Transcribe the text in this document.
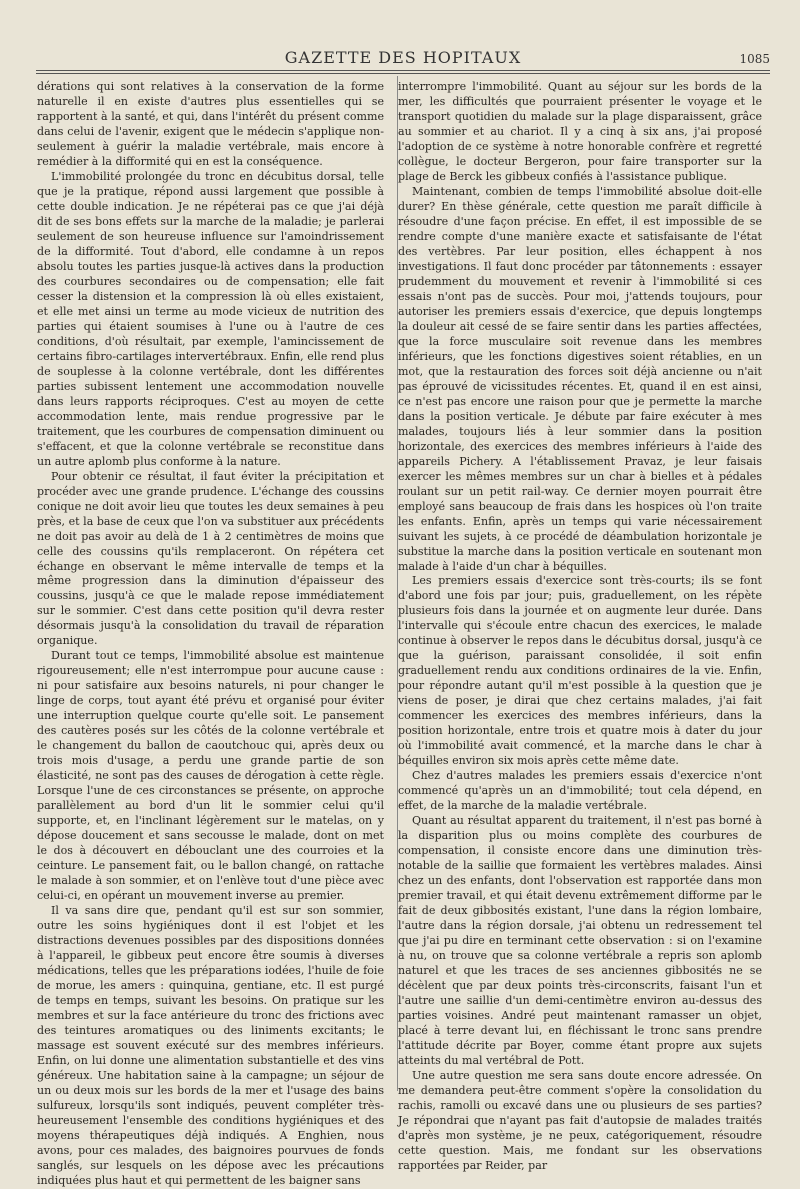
GAZETTE DES HOPITAUX	1085

dérations qui sont relatives à la conservation de la forme naturelle il en existe d'autres plus essentielles qui se rapportent à la santé, et qui, dans l'intérêt du présent comme dans celui de l'avenir, exigent que le médecin s'applique non-seulement à guérir la maladie vertébrale, mais encore à remédier à la difformité qui en est la conséquence.

L'immobilité prolongée du tronc en décubitus dorsal, telle que je la pratique, répond aussi largement que possible à cette double indication. Je ne répéterai pas ce que j'ai déjà dit de ses bons effets sur la marche de la maladie; je parlerai seulement de son heureuse influence sur l'amoindrissement de la difformité. Tout d'abord, elle condamne à un repos absolu toutes les parties jusque-là actives dans la production des courbures secondaires ou de compensation; elle fait cesser la distension et la compression là où elles existaient, et elle met ainsi un terme au mode vicieux de nutrition des parties qui étaient soumises à l'une ou à l'autre de ces conditions, d'où résultait, par exemple, l'amincissement de certains fibro-cartilages intervertébraux. Enfin, elle rend plus de souplesse à la colonne vertébrale, dont les différentes parties subissent lentement une accommodation nouvelle dans leurs rapports réciproques. C'est au moyen de cette accommodation lente, mais rendue progressive par le traitement, que les courbures de compensation diminuent ou s'effacent, et que la colonne vertébrale se reconstitue dans un autre aplomb plus conforme à la nature.

Pour obtenir ce résultat, il faut éviter la précipitation et procéder avec une grande prudence. L'échange des coussins conique ne doit avoir lieu que toutes les deux semaines à peu près, et la base de ceux que l'on va substituer aux précédents ne doit pas avoir au delà de 1 à 2 centimètres de moins que celle des coussins qu'ils remplaceront. On répétera cet échange en observant le même intervalle de temps et la même progression dans la diminution d'épaisseur des coussins, jusqu'à ce que le malade repose immédiatement sur le sommier. C'est dans cette position qu'il devra rester désormais jusqu'à la consolidation du travail de réparation organique.

Durant tout ce temps, l'immobilité absolue est maintenue rigoureusement; elle n'est interrompue pour aucune cause : ni pour satisfaire aux besoins naturels, ni pour changer le linge de corps, tout ayant été prévu et organisé pour éviter une interruption quelque courte qu'elle soit. Le pansement des cautères posés sur les côtés de la colonne vertébrale et le changement du ballon de caoutchouc qui, après deux ou trois mois d'usage, a perdu une grande partie de son élasticité, ne sont pas des causes de dérogation à cette règle. Lorsque l'une de ces circonstances se présente, on approche parallèlement au bord d'un lit le sommier celui qu'il supporte, et, en l'inclinant légèrement sur le matelas, on y dépose doucement et sans secousse le malade, dont on met le dos à découvert en débouclant une des courroies et la ceinture. Le pansement fait, ou le ballon changé, on rattache le malade à son sommier, et on l'enlève tout d'une pièce avec celui-ci, en opérant un mouvement inverse au premier.

Il va sans dire que, pendant qu'il est sur son sommier, outre les soins hygiéniques dont il est l'objet et les distractions devenues possibles par des dispositions données à l'appareil, le gibbeux peut encore être soumis à diverses médications, telles que les préparations iodées, l'huile de foie de morue, les amers : quinquina, gentiane, etc. Il est purgé de temps en temps, suivant les besoins. On pratique sur les membres et sur la face antérieure du tronc des frictions avec des teintures aromatiques ou des liniments excitants; le massage est souvent exécuté sur des membres inférieurs. Enfin, on lui donne une alimentation substantielle et des vins généreux. Une habitation saine à la campagne; un séjour de un ou deux mois sur les bords de la mer et l'usage des bains sulfureux, lorsqu'ils sont indiqués, peuvent compléter très-heureusement l'ensemble des conditions hygiéniques et des moyens thérapeutiques déjà indiqués. A Enghien, nous avons, pour ces malades, des baignoires pourvues de fonds sanglés, sur lesquels on les dépose avec les précautions indiquées plus haut et qui permettent de les baigner sans

interrompre l'immobilité. Quant au séjour sur les bords de la mer, les difficultés que pourraient présenter le voyage et le transport quotidien du malade sur la plage disparaissent, grâce au sommier et au chariot. Il y a cinq à six ans, j'ai proposé l'adoption de ce système à notre honorable confrère et regretté collègue, le docteur Bergeron, pour faire transporter sur la plage de Berck les gibbeux confiés à l'assistance publique.

Maintenant, combien de temps l'immobilité absolue doit-elle durer? En thèse générale, cette question me paraît difficile à résoudre d'une façon précise. En effet, il est impossible de se rendre compte d'une manière exacte et satisfaisante de l'état des vertèbres. Par leur position, elles échappent à nos investigations. Il faut donc procéder par tâtonnements : essayer prudemment du mouvement et revenir à l'immobilité si ces essais n'ont pas de succès. Pour moi, j'attends toujours, pour autoriser les premiers essais d'exercice, que depuis longtemps la douleur ait cessé de se faire sentir dans les parties affectées, que la force musculaire soit revenue dans les membres inférieurs, que les fonctions digestives soient rétablies, en un mot, que la restauration des forces soit déjà ancienne ou n'ait pas éprouvé de vicissitudes récentes. Et, quand il en est ainsi, ce n'est pas encore une raison pour que je permette la marche dans la position verticale. Je débute par faire exécuter à mes malades, toujours liés à leur sommier dans la position horizontale, des exercices des membres inférieurs à l'aide des appareils Pichery. A l'établissement Pravaz, je leur faisais exercer les mêmes membres sur un char à bielles et à pédales roulant sur un petit rail-way. Ce dernier moyen pourrait être employé sans beaucoup de frais dans les hospices où l'on traite les enfants. Enfin, après un temps qui varie nécessairement suivant les sujets, à ce procédé de déambulation horizontale je substitue la marche dans la position verticale en soutenant mon malade à l'aide d'un char à béquilles.

Les premiers essais d'exercice sont très-courts; ils se font d'abord une fois par jour; puis, graduellement, on les répète plusieurs fois dans la journée et on augmente leur durée. Dans l'intervalle qui s'écoule entre chacun des exercices, le malade continue à observer le repos dans le décubitus dorsal, jusqu'à ce que la guérison, paraissant consolidée, il soit enfin graduellement rendu aux conditions ordinaires de la vie. Enfin, pour répondre autant qu'il m'est possible à la question que je viens de poser, je dirai que chez certains malades, j'ai fait commencer les exercices des membres inférieurs, dans la position horizontale, entre trois et quatre mois à dater du jour où l'immobilité avait commencé, et la marche dans le char à béquilles environ six mois après cette même date.

Chez d'autres malades les premiers essais d'exercice n'ont commencé qu'après un an d'immobilité; tout cela dépend, en effet, de la marche de la maladie vertébrale.

Quant au résultat apparent du traitement, il n'est pas borné à la disparition plus ou moins complète des courbures de compensation, il consiste encore dans une diminution très-notable de la saillie que formaient les vertèbres malades. Ainsi chez un des enfants, dont l'observation est rapportée dans mon premier travail, et qui était devenu extrêmement difforme par le fait de deux gibbosités existant, l'une dans la région lombaire, l'autre dans la région dorsale, j'ai obtenu un redressement tel que j'ai pu dire en terminant cette observation : si on l'examine à nu, on trouve que sa colonne vertébrale a repris son aplomb naturel et que les traces de ses anciennes gibbosités ne se décèlent que par deux points très-circonscrits, faisant l'un et l'autre une saillie d'un demi-centimètre environ au-dessus des parties voisines. André peut maintenant ramasser un objet, placé à terre devant lui, en fléchissant le tronc sans prendre l'attitude décrite par Boyer, comme étant propre aux sujets atteints du mal vertébral de Pott.

Une autre question me sera sans doute encore adressée. On me demandera peut-être comment s'opère la consolidation du rachis, ramolli ou excavé dans une ou plusieurs de ses parties? Je répondrai que n'ayant pas fait d'autopsie de malades traités d'après mon système, je ne peux, catégoriquement, résoudre cette question. Mais, me fondant sur les observations rapportées par Reider, par
